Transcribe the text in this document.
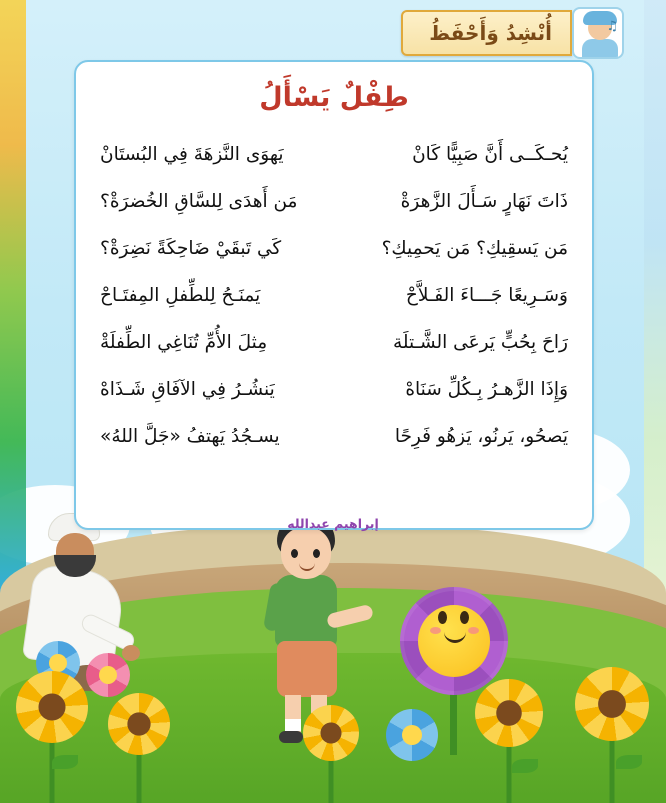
♫
أُنْشِدُ وَأَحْفَظُ
طِفْلٌ يَسْأَلُ
يُحـكَــى أَنَّ صَبِيًّا كَانْ
يَهوَى النَّزهَةَ فِي البُستَانْ
ذَاتَ نَهَارٍ سَـأَلَ الزَّهرَةْ
مَن أَهدَى لِلسَّاقِ الخُضرَةْ؟
مَن يَسقِيكِ؟ مَن يَحمِيكِ؟
كَي تَبقَيْ ضَاحِكَةً نَضِرَةْ؟
وَسَـرِيعًا جَـــاءَ الفَـلاَّحْ
يَمنَـحُ لِلطِّفلِ المِفتَـاحْ
رَاحَ بِحُبٍّ يَرعَى الشَّـتلَة
مِثلَ الأُمِّ تُنَاغِي الطِّفلَةْ
وَإِذَا الزَّهـرُ بِـكُلِّ سَنَاهْ
يَنشُـرُ فِي الآفَاقِ شَـذَاهْ
يَصحُو، يَرنُو، يَزهُو فَرِحًا
يسـجُدُ يَهتفُ «جَلَّ اللهُ»
إبراهيم عبدالله
